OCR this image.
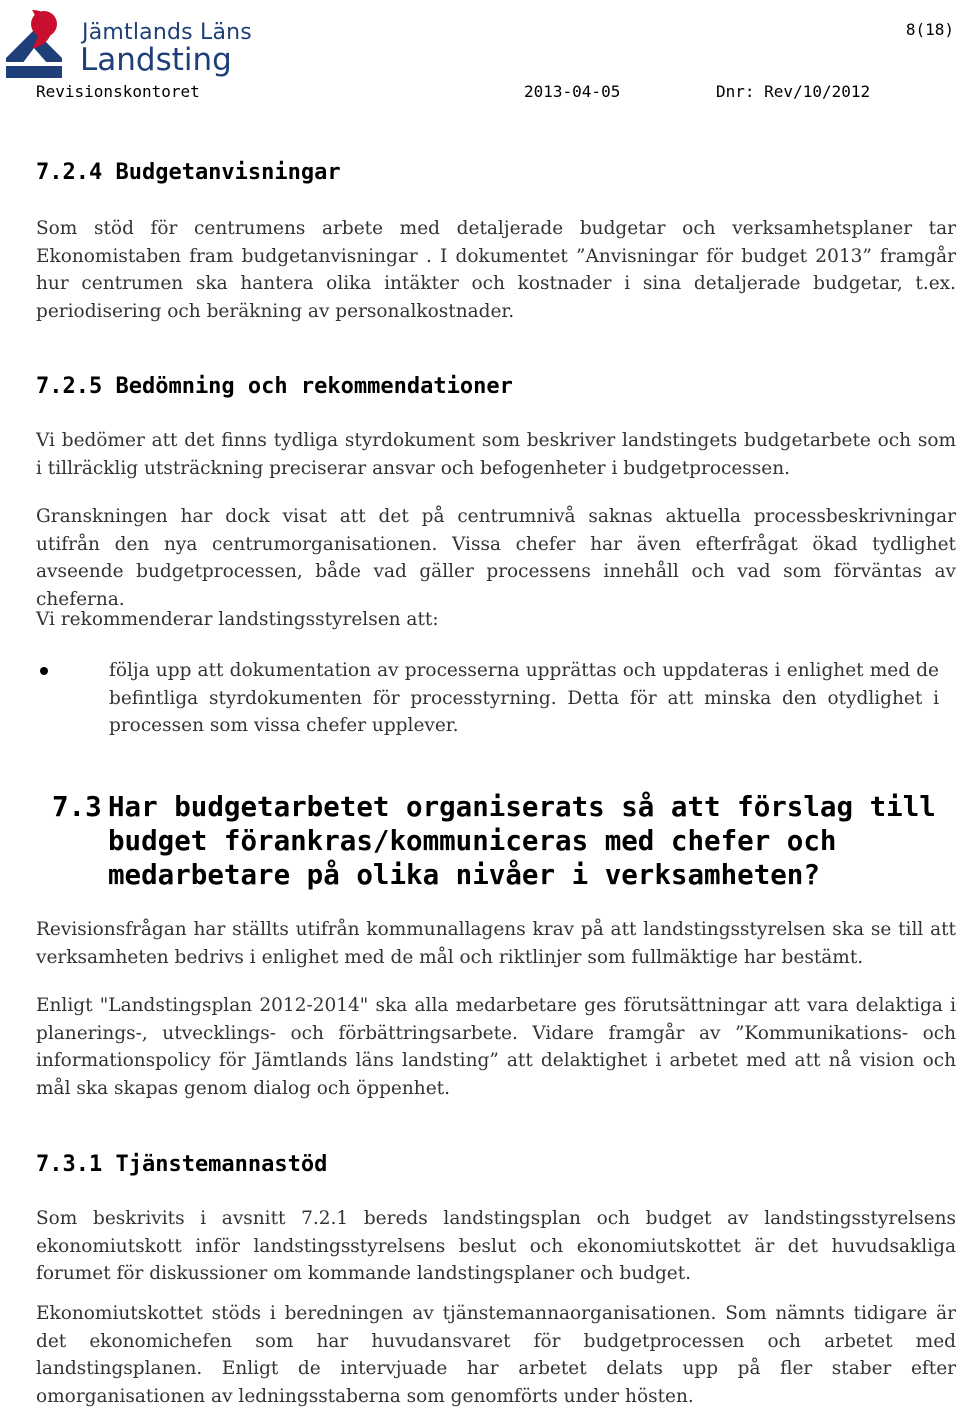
Jämtlands Läns
Landsting
8(18)
Revisionskontoret	2013-04-05	Dnr: Rev/10/2012
7.2.4 Budgetanvisningar
Som stöd för centrumens arbete med detaljerade budgetar och verksamhetsplaner tar Ekonomistaben fram budgetanvisningar . I dokumentet ”Anvisningar för budget 2013” framgår hur centrumen ska hantera olika intäkter och kostnader i sina detaljerade budgetar, t.ex. periodisering och beräkning av personalkostnader.
7.2.5 Bedömning och rekommendationer
Vi bedömer att det finns tydliga styrdokument som beskriver landstingets budgetarbete och som i tillräcklig utsträckning preciserar ansvar och befogenheter i budgetprocessen.
Granskningen har dock visat att det på centrumnivå saknas aktuella processbeskrivningar utifrån den nya centrumorganisationen. Vissa chefer har även efterfrågat ökad tydlighet avseende budgetprocessen, både vad gäller processens innehåll och vad som förväntas av cheferna.
Vi rekommenderar landstingsstyrelsen att:
följa upp att dokumentation av processerna upprättas och uppdateras i enlighet med de befintliga styrdokumenten för processtyrning. Detta för att minska den otydlighet i processen som vissa chefer upplever.
7.3 Har budgetarbetet organiserats så att förslag till budget förankras/kommuniceras med chefer och medarbetare på olika nivåer i verksamheten?
Revisionsfrågan har ställts utifrån kommunallagens krav på att landstingsstyrelsen ska se till att verksamheten bedrivs i enlighet med de mål och riktlinjer som fullmäktige har bestämt.
Enligt "Landstingsplan 2012-2014" ska alla medarbetare ges förutsättningar att vara delaktiga i planerings-, utvecklings- och förbättringsarbete. Vidare framgår av ”Kommunikations- och informationspolicy för Jämtlands läns landsting” att delaktighet i arbetet med att nå vision och mål ska skapas genom dialog och öppenhet.
7.3.1 Tjänstemannastöd
Som beskrivits i avsnitt 7.2.1 bereds landstingsplan och budget av landstingsstyrelsens ekonomiutskott inför landstingsstyrelsens beslut och ekonomiutskottet är det huvudsakliga forumet för diskussioner om kommande landstingsplaner och budget.
Ekonomiutskottet stöds i beredningen av tjänstemannaorganisationen. Som nämnts tidigare är det ekonomichefen som har huvudansvaret för budgetprocessen och arbetet med landstingsplanen. Enligt de intervjuade har arbetet delats upp på fler staber efter omorganisationen av ledningsstaberna som genomförts under hösten.
